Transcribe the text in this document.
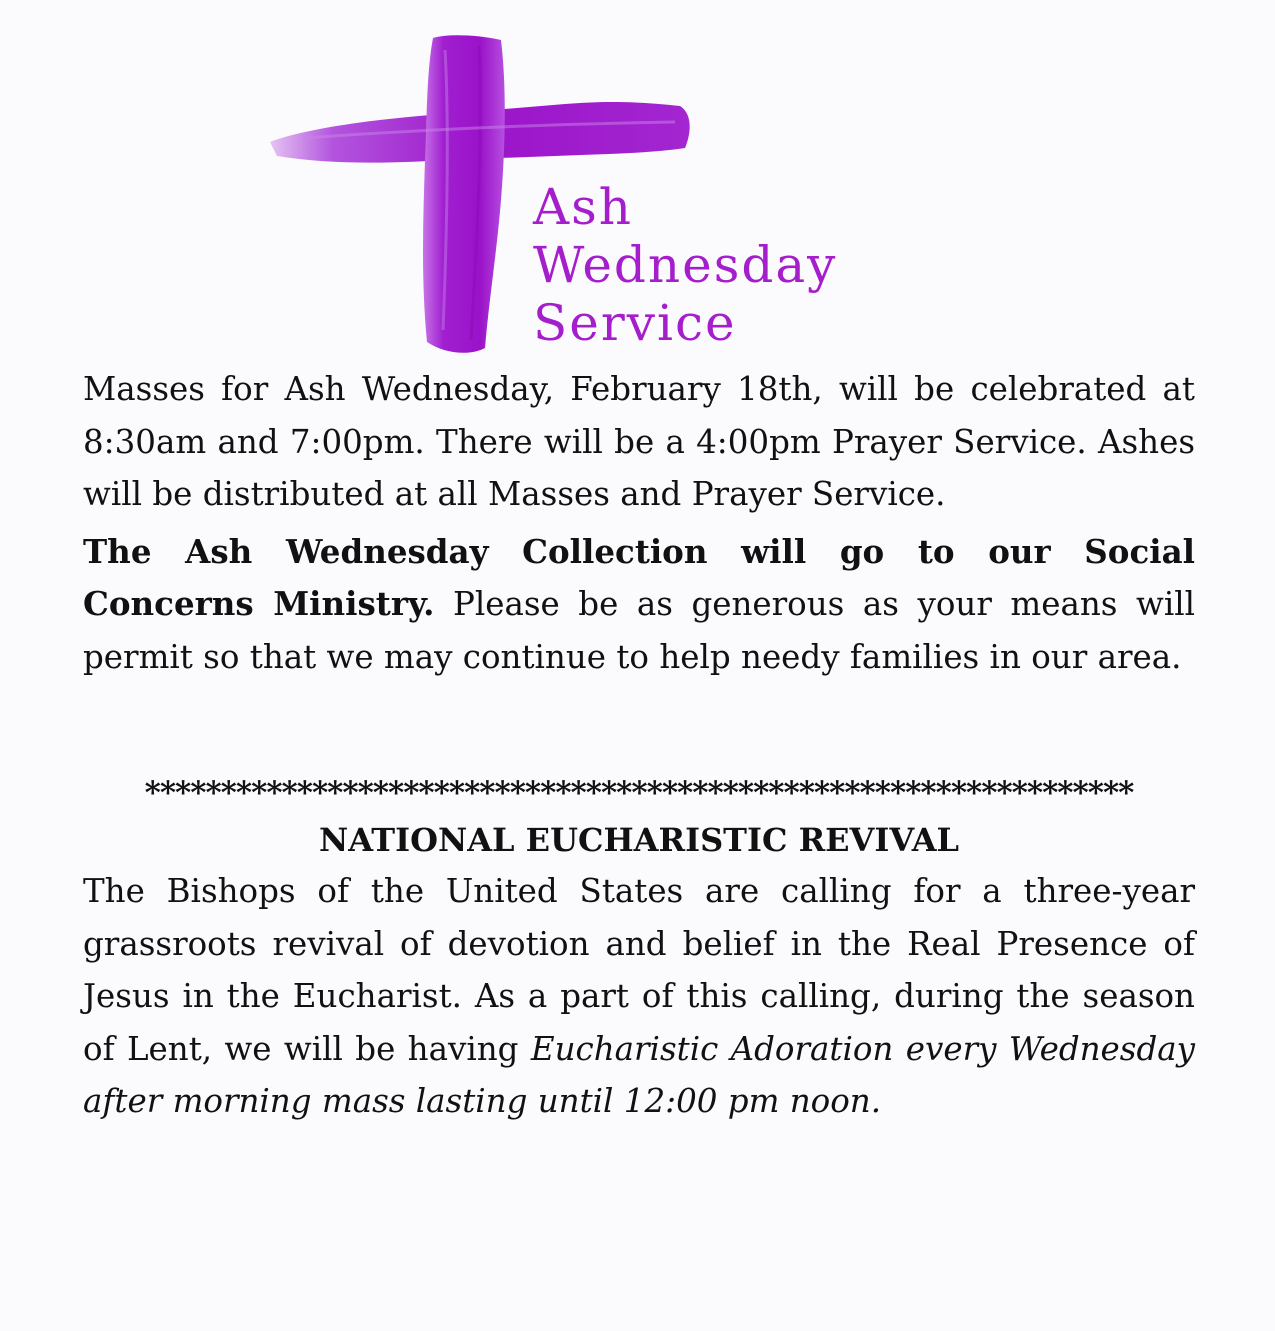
Ash
Wednesday
Service

Masses for Ash Wednesday, February 18th, will be celebrated at 8:30am and 7:00pm. There will be a 4:00pm Prayer Service. Ashes will be distributed at all Masses and Prayer Service.

The Ash Wednesday Collection will go to our Social Concerns Ministry. Please be as generous as your means will permit so that we may continue to help needy families in our area.

*****************************************************************
NATIONAL EUCHARISTIC REVIVAL

The Bishops of the United States are calling for a three-year grassroots revival of devotion and belief in the Real Presence of Jesus in the Eucharist. As a part of this calling, during the season of Lent, we will be having Eucharistic Adoration every Wednesday after morning mass lasting until 12:00 pm noon.
